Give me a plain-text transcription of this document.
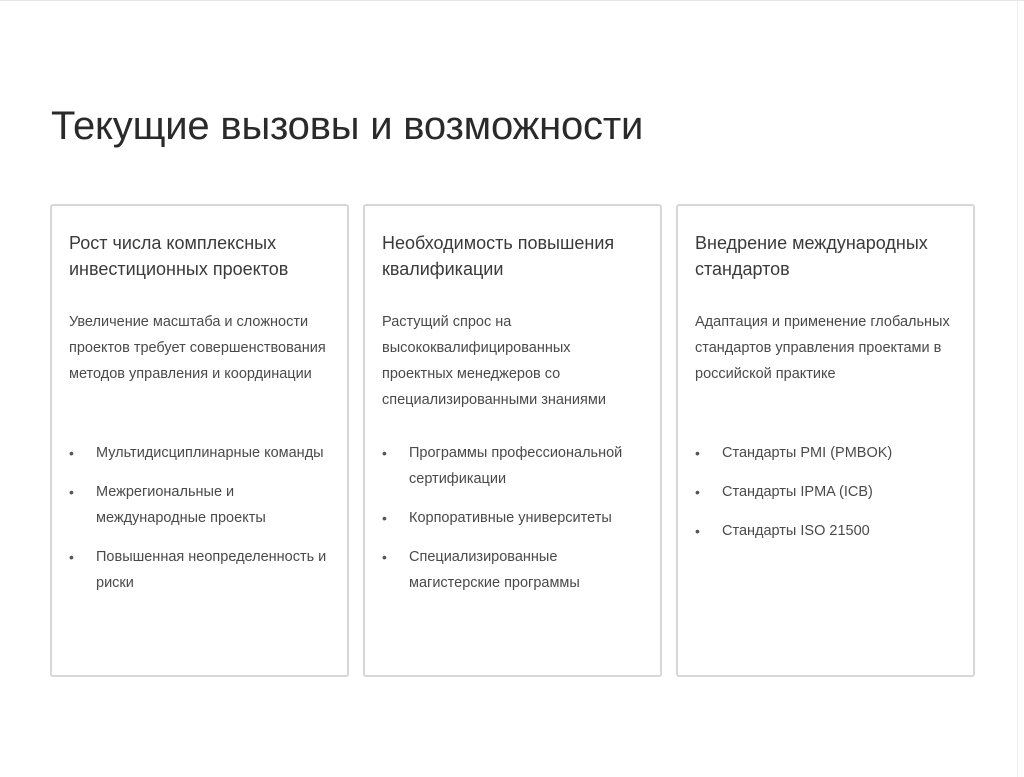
Текущие вызовы и возможности
Рост числа комплексных инвестиционных проектов
Увеличение масштаба и сложности проектов требует совершенствования методов управления и координации
• Мультидисциплинарные команды
• Межрегиональные и международные проекты
• Повышенная неопределенность и риски
Необходимость повышения квалификации
Растущий спрос на высококвалифицированных проектных менеджеров со специализированными знаниями
• Программы профессиональной сертификации
• Корпоративные университеты
• Специализированные магистерские программы
Внедрение международных стандартов
Адаптация и применение глобальных стандартов управления проектами в российской практике
• Стандарты PMI (PMBOK)
• Стандарты IPMA (ICB)
• Стандарты ISO 21500
